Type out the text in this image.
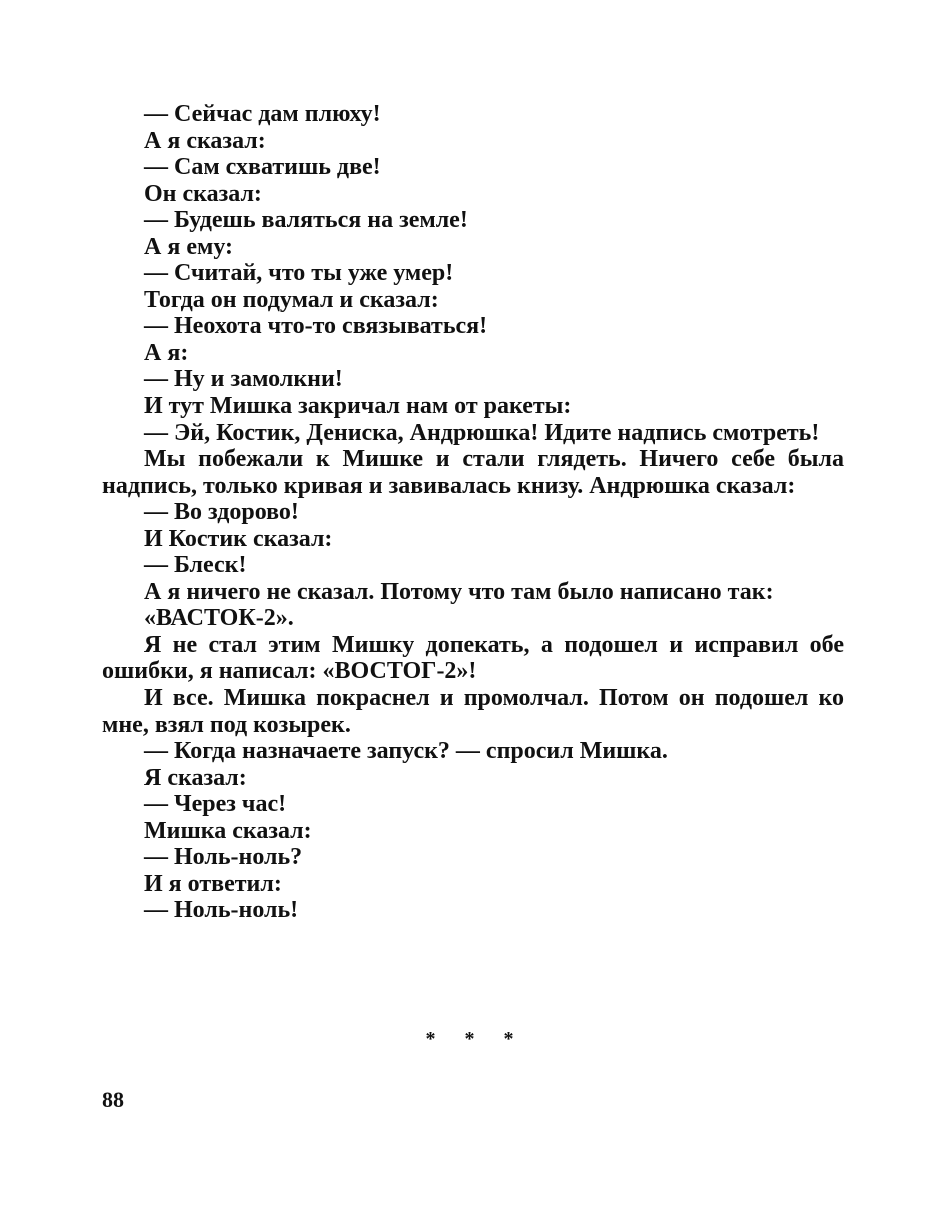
— Сейчас дам плюху!

А я сказал:

— Сам схватишь две!

Он сказал:

— Будешь валяться на земле!

А я ему:

— Считай, что ты уже умер!

Тогда он подумал и сказал:

— Неохота что-то связываться!

А я:

— Ну и замолкни!

И тут Мишка закричал нам от ракеты:

— Эй, Костик, Дениска, Андрюшка! Идите надпись смотреть!

Мы побежали к Мишке и стали глядеть. Ничего себе была надпись, только кривая и завивалась книзу. Андрюшка сказал:

— Во здорово!

И Костик сказал:

— Блеск!

А я ничего не сказал. Потому что там было написано так:

«ВАСТОК-2».

Я не стал этим Мишку допекать, а подошел и исправил обе ошибки, я написал: «ВОСТОГ-2»!

И все. Мишка покраснел и промолчал. Потом он подошел ко мне, взял под козырек.

— Когда назначаете запуск? — спросил Мишка.

Я сказал:

— Через час!

Мишка сказал:

— Ноль-ноль?

И я ответил:

— Ноль-ноль!

* * *
88
